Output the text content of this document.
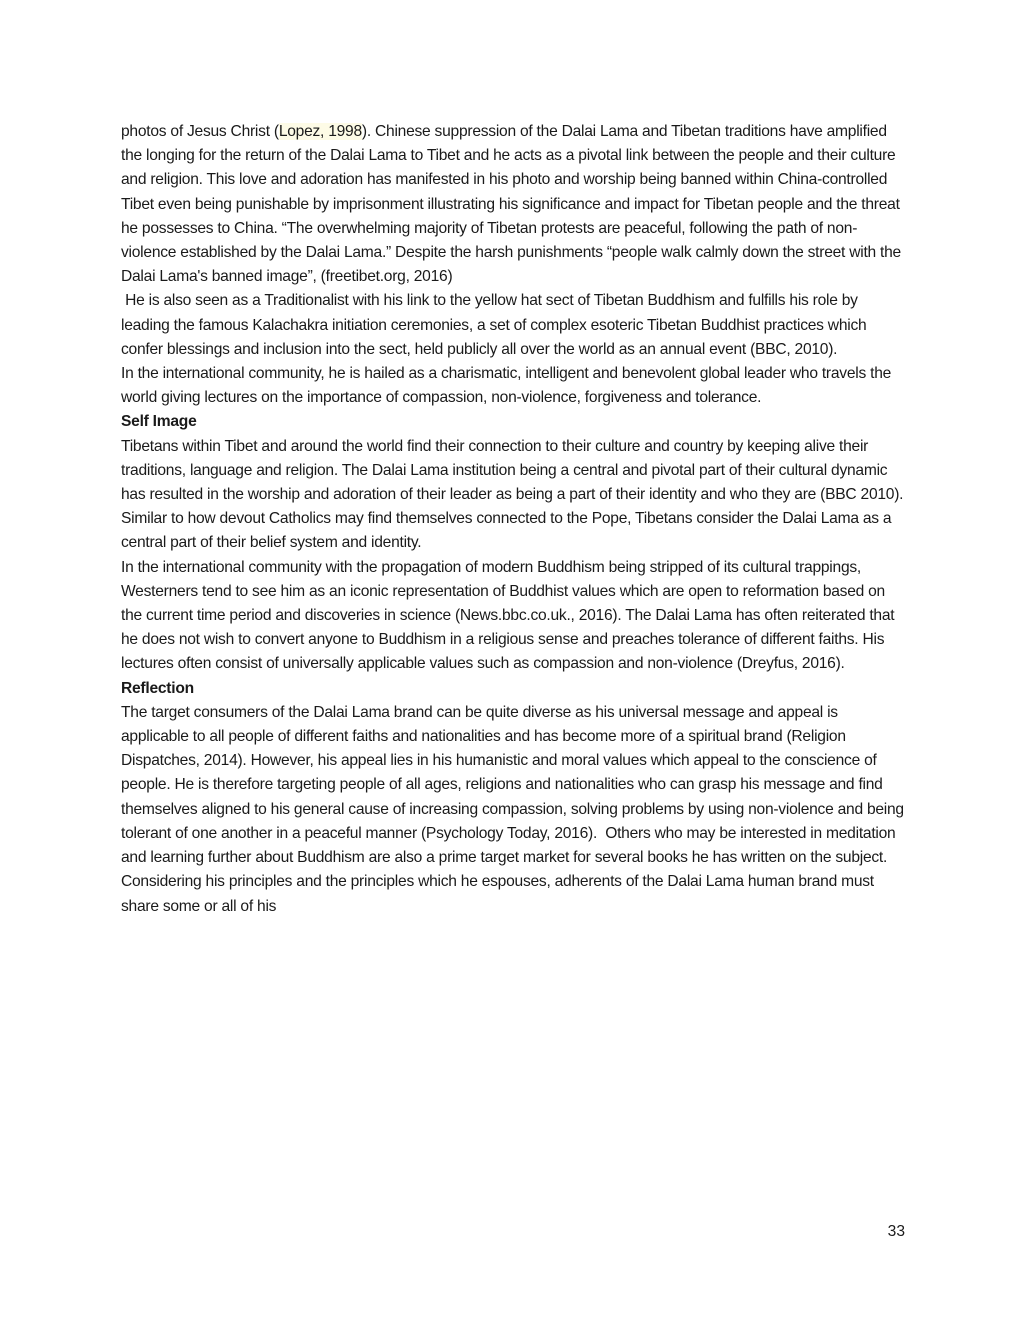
photos of Jesus Christ (Lopez, 1998). Chinese suppression of the Dalai Lama and Tibetan traditions have amplified the longing for the return of the Dalai Lama to Tibet and he acts as a pivotal link between the people and their culture and religion. This love and adoration has manifested in his photo and worship being banned within China-controlled Tibet even being punishable by imprisonment illustrating his significance and impact for Tibetan people and the threat he possesses to China. “The overwhelming majority of Tibetan protests are peaceful, following the path of non-violence established by the Dalai Lama.” Despite the harsh punishments “people walk calmly down the street with the Dalai Lama's banned image”, (freetibet.org, 2016)

He is also seen as a Traditionalist with his link to the yellow hat sect of Tibetan Buddhism and fulfills his role by leading the famous Kalachakra initiation ceremonies, a set of complex esoteric Tibetan Buddhist practices which confer blessings and inclusion into the sect, held publicly all over the world as an annual event (BBC, 2010).

In the international community, he is hailed as a charismatic, intelligent and benevolent global leader who travels the world giving lectures on the importance of compassion, non-violence, forgiveness and tolerance.

Self Image

Tibetans within Tibet and around the world find their connection to their culture and country by keeping alive their traditions, language and religion. The Dalai Lama institution being a central and pivotal part of their cultural dynamic has resulted in the worship and adoration of their leader as being a part of their identity and who they are (BBC 2010).  Similar to how devout Catholics may find themselves connected to the Pope, Tibetans consider the Dalai Lama as a central part of their belief system and identity.

In the international community with the propagation of modern Buddhism being stripped of its cultural trappings, Westerners tend to see him as an iconic representation of Buddhist values which are open to reformation based on the current time period and discoveries in science (News.bbc.co.uk., 2016). The Dalai Lama has often reiterated that he does not wish to convert anyone to Buddhism in a religious sense and preaches tolerance of different faiths. His lectures often consist of universally applicable values such as compassion and non-violence (Dreyfus, 2016).

Reflection

The target consumers of the Dalai Lama brand can be quite diverse as his universal message and appeal is applicable to all people of different faiths and nationalities and has become more of a spiritual brand (Religion Dispatches, 2014). However, his appeal lies in his humanistic and moral values which appeal to the conscience of people. He is therefore targeting people of all ages, religions and nationalities who can grasp his message and find themselves aligned to his general cause of increasing compassion, solving problems by using non-violence and being tolerant of one another in a peaceful manner (Psychology Today, 2016).  Others who may be interested in meditation and learning further about Buddhism are also a prime target market for several books he has written on the subject. Considering his principles and the principles which he espouses, adherents of the Dalai Lama human brand must share some or all of his

33
